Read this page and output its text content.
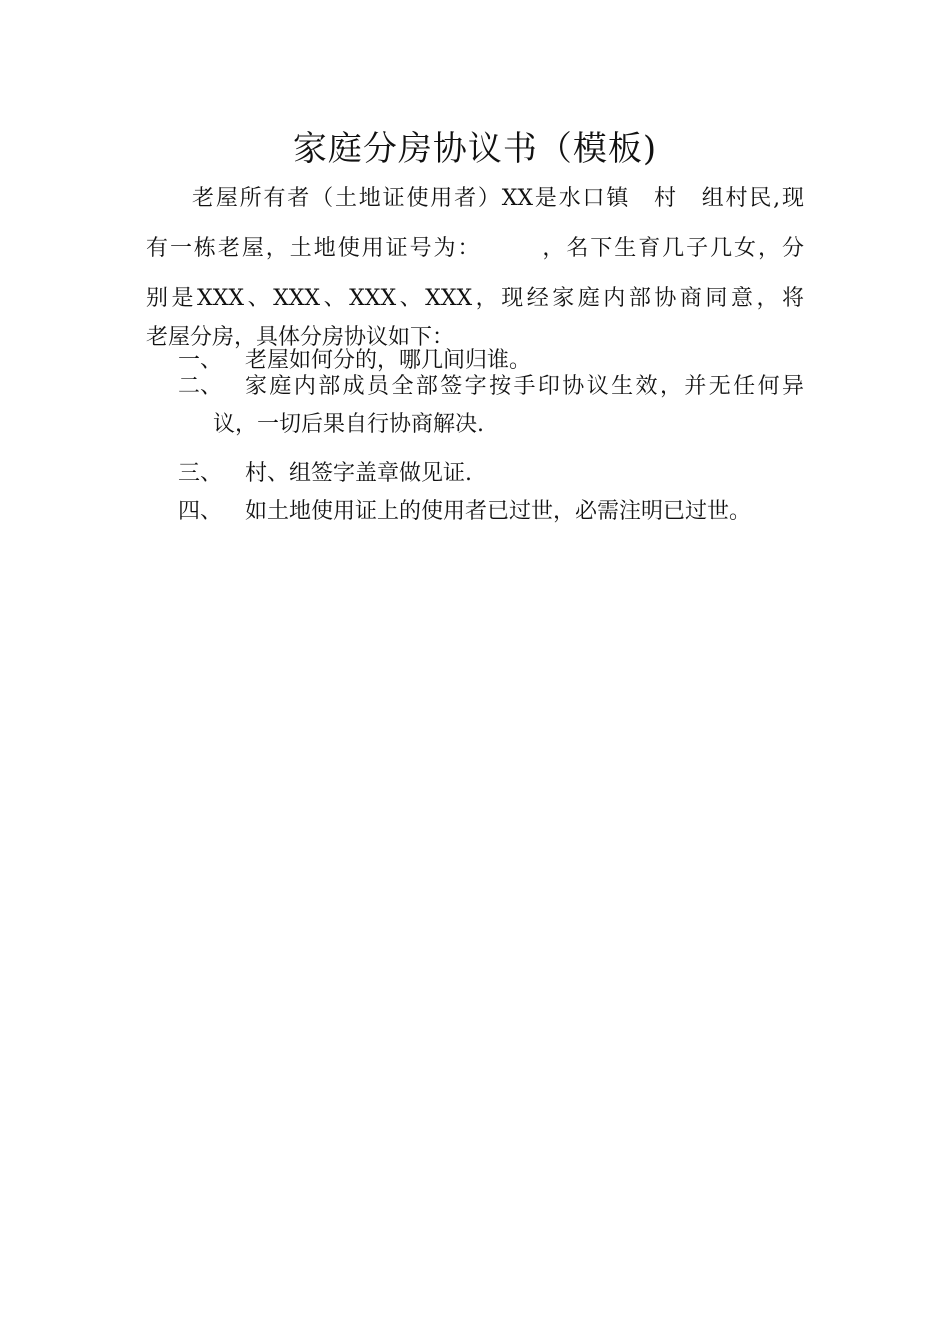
家庭分房协议书（模板)
老屋所有者（土地证使用者）XX是水口镇　村　组村民,现
有一栋老屋，土地使用证号为：　　　，名下生育几子几女，分
别是XXX、XXX、XXX、XXX，现经家庭内部协商同意，将
老屋分房，具体分房协议如下：
一、 老屋如何分的，哪几间归谁。
二、 家庭内部成员全部签字按手印协议生效，并无任何异
议，一切后果自行协商解决.
三、 村、组签字盖章做见证.
四、 如土地使用证上的使用者已过世，必需注明已过世。
